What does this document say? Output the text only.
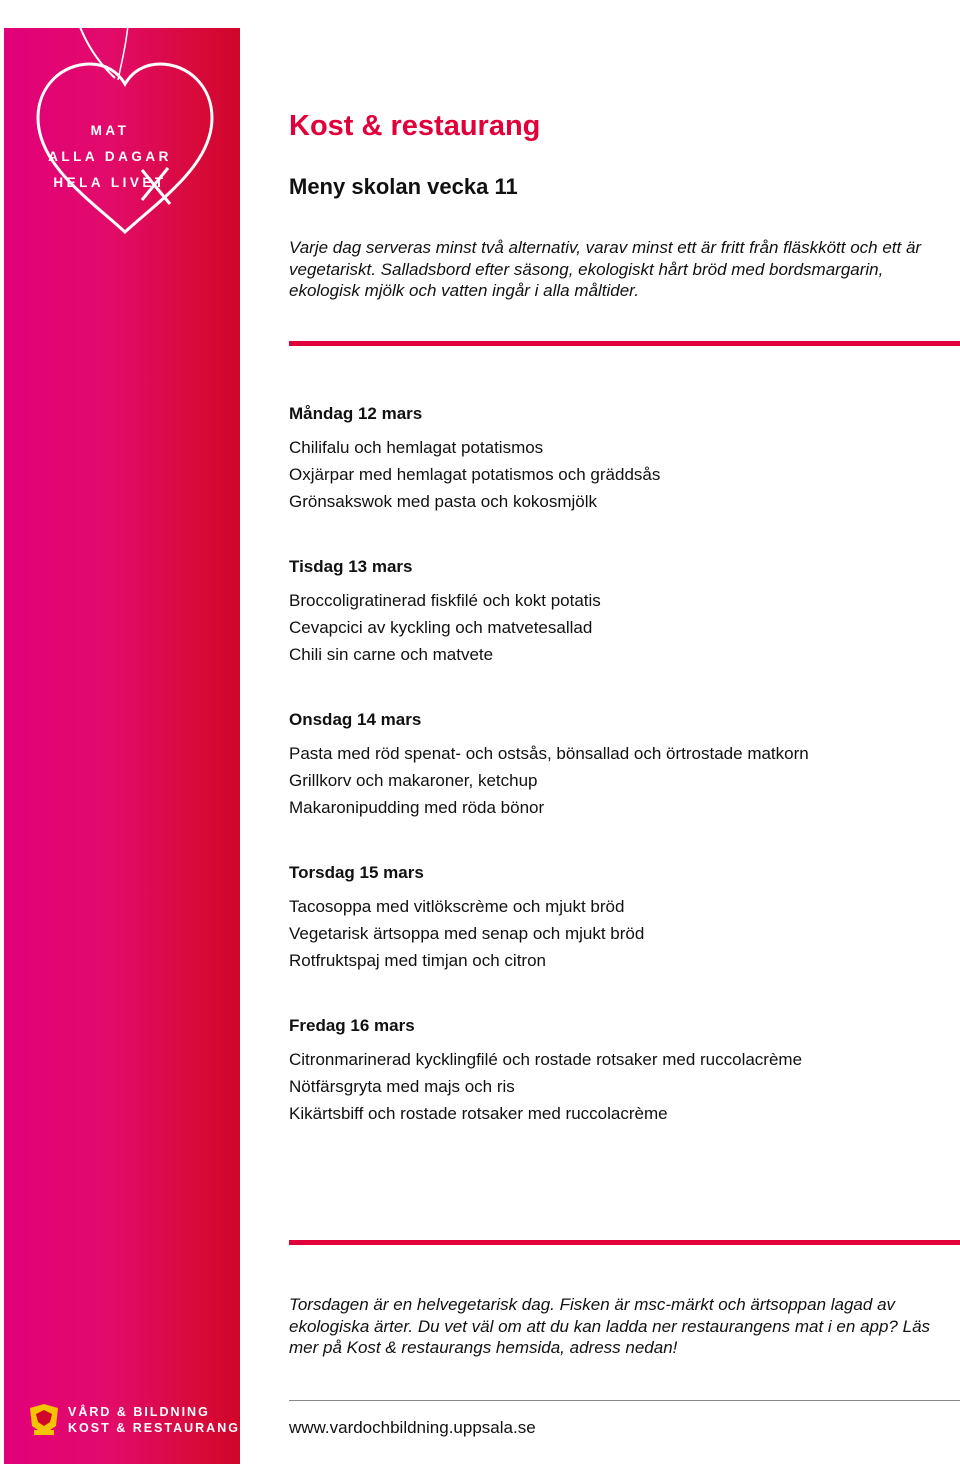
MAT
ALLA DAGAR
HELA LIVET
VÅRD & BILDNING
KOST & RESTAURANG
Kost & restaurang
Meny skolan vecka 11

Varje dag serveras minst två alternativ, varav minst ett är fritt från fläskkött och ett är vegetariskt. Salladsbord efter säsong, ekologiskt hårt bröd med bordsmargarin, ekologisk mjölk och vatten ingår i alla måltider.

Måndag 12 mars
Chilifalu och hemlagat potatismos
Oxjärpar med hemlagat potatismos och gräddsås
Grönsakswok med pasta och kokosmjölk
Tisdag 13 mars
Broccoligratinerad fiskfilé och kokt potatis
Cevapcici av kyckling och matvetesallad
Chili sin carne och matvete
Onsdag 14 mars
Pasta med röd spenat- och ostsås, bönsallad och örtrostade matkorn
Grillkorv och makaroner, ketchup
Makaronipudding med röda bönor
Torsdag 15 mars
Tacosoppa med vitlökscrème och mjukt bröd
Vegetarisk ärtsoppa med senap och mjukt bröd
Rotfruktspaj med timjan och citron
Fredag 16 mars
Citronmarinerad kycklingfilé och rostade rotsaker med ruccolacrème
Nötfärsgryta med majs och ris
Kikärtsbiff och rostade rotsaker med ruccolacrème

Torsdagen är en helvegetarisk dag. Fisken är msc-märkt och ärtsoppan lagad av ekologiska ärter. Du vet väl om att du kan ladda ner restaurangens mat i en app? Läs mer på Kost & restaurangs hemsida, adress nedan!

www.vardochbildning.uppsala.se
